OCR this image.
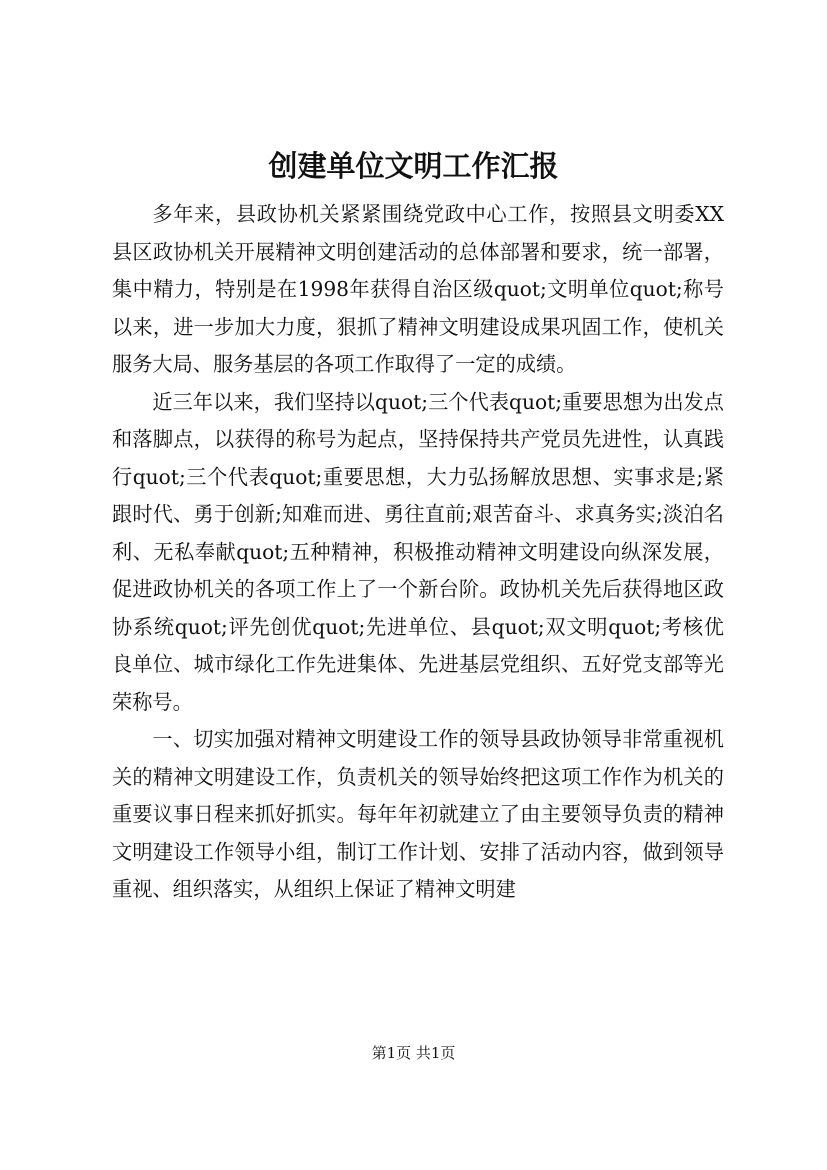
创建单位文明工作汇报

多年来，县政协机关紧紧围绕党政中心工作，按照县文明委XX县区政协机关开展精神文明创建活动的总体部署和要求，统一部署，集中精力，特别是在1998年获得自治区级quot;文明单位quot;称号以来，进一步加大力度，狠抓了精神文明建设成果巩固工作，使机关服务大局、服务基层的各项工作取得了一定的成绩。

近三年以来，我们坚持以quot;三个代表quot;重要思想为出发点和落脚点，以获得的称号为起点，坚持保持共产党员先进性，认真践行quot;三个代表quot;重要思想，大力弘扬解放思想、实事求是;紧跟时代、勇于创新;知难而进、勇往直前;艰苦奋斗、求真务实;淡泊名利、无私奉献quot;五种精神，积极推动精神文明建设向纵深发展，促进政协机关的各项工作上了一个新台阶。政协机关先后获得地区政协系统quot;评先创优quot;先进单位、县quot;双文明quot;考核优良单位、城市绿化工作先进集体、先进基层党组织、五好党支部等光荣称号。

一、切实加强对精神文明建设工作的领导县政协领导非常重视机关的精神文明建设工作，负责机关的领导始终把这项工作作为机关的重要议事日程来抓好抓实。每年年初就建立了由主要领导负责的精神文明建设工作领导小组，制订工作计划、安排了活动内容，做到领导重视、组织落实，从组织上保证了精神文明建

第1页 共1页
